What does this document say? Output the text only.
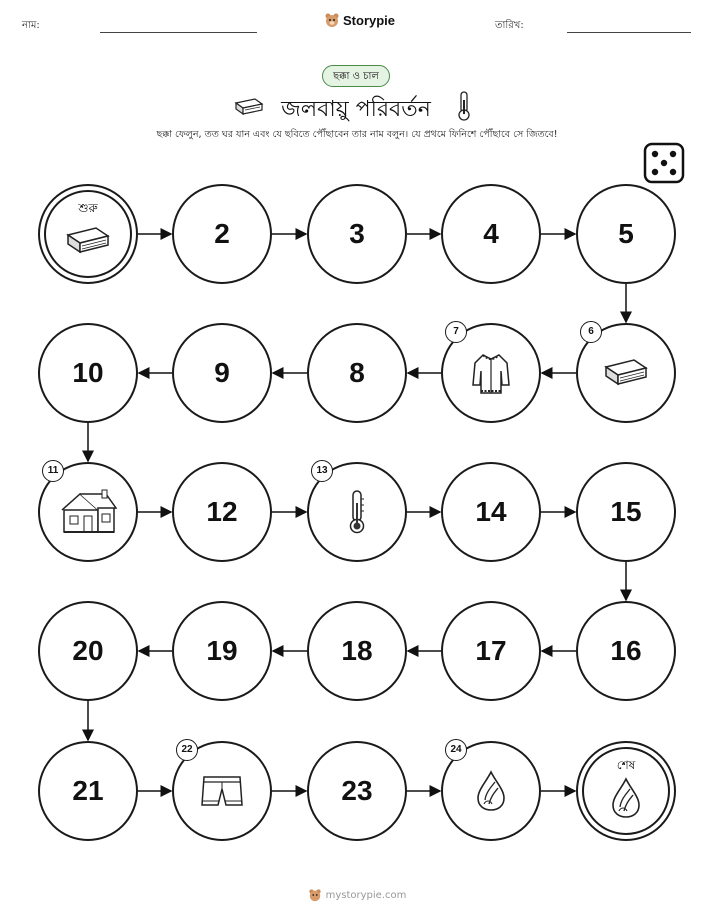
নাম:	Storypie	তারিখ:
ছক্কা ও চাল
জলবায়ু পরিবর্তন
ছক্কা ফেলুন, তত ঘর যান এবং যে ছবিতে পৌঁছাবেন তার নাম বলুন। যে প্রথমে ফিনিশে পৌঁছাবে সে জিতবে!
শুরু
2	3	4	5
6
7
8
9
10
11
12
13
14	15
16
17
18
19
20
21
22
23
24
শেষ
mystorypie.com
